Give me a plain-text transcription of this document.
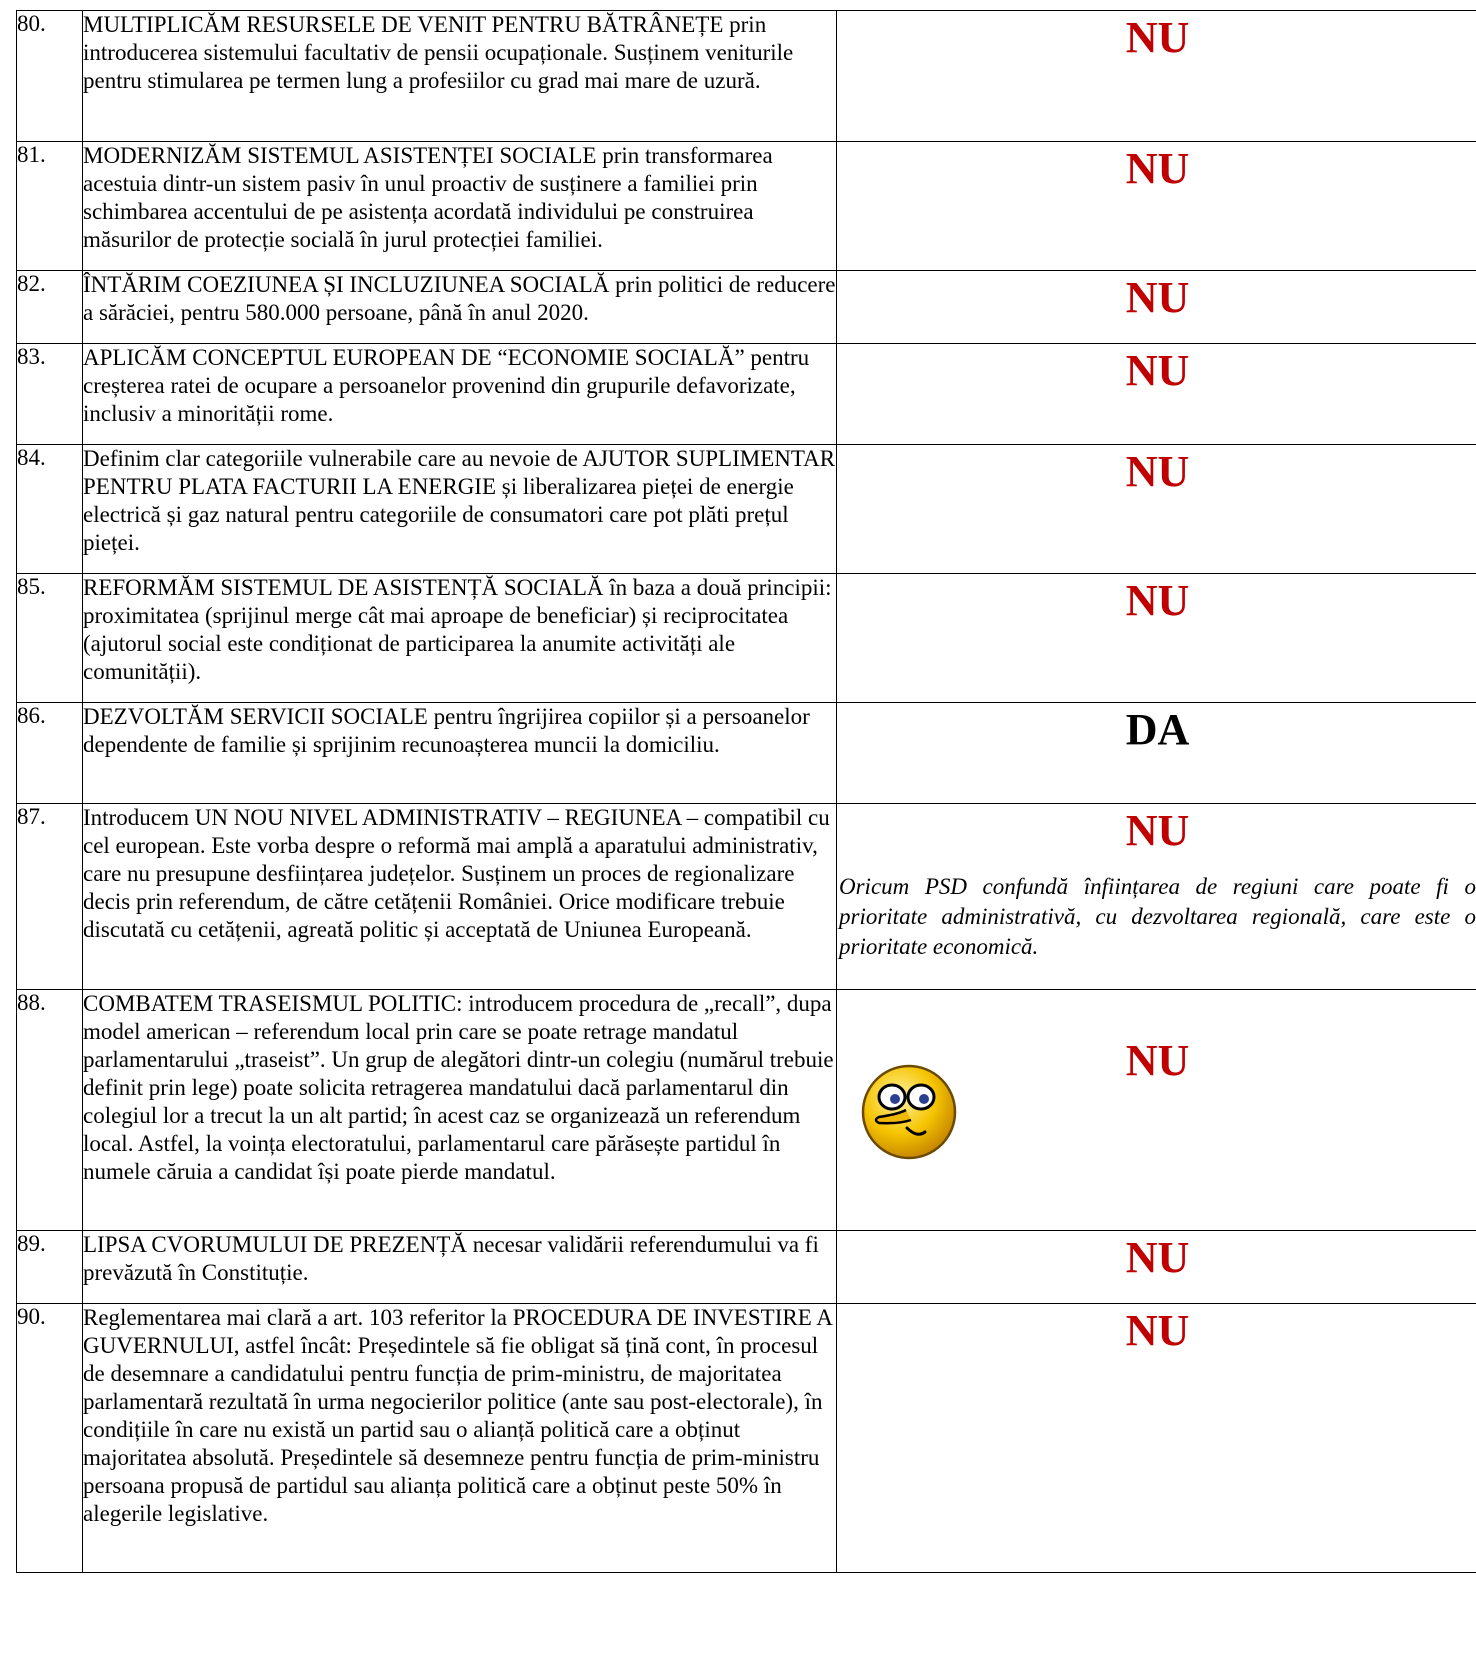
80.	MULTIPLICĂM RESURSELE DE VENIT PENTRU BĂTRÂNEȚE prin introducerea sistemului facultativ de pensii ocupaționale. Susținem veniturile pentru stimularea pe termen lung a profesiilor cu grad mai mare de uzură.	NU

81.	MODERNIZĂM SISTEMUL ASISTENȚEI SOCIALE prin transformarea acestuia dintr-un sistem pasiv în unul proactiv de susținere a familiei prin schimbarea accentului de pe asistența acordată individului pe construirea măsurilor de protecție socială în jurul protecției familiei.	NU

82.	ÎNTĂRIM COEZIUNEA ȘI INCLUZIUNEA SOCIALĂ prin politici de reducere a sărăciei, pentru 580.000 persoane, până în anul 2020.	NU

83.	APLICĂM CONCEPTUL EUROPEAN DE “ECONOMIE SOCIALĂ” pentru creșterea ratei de ocupare a persoanelor provenind din grupurile defavorizate, inclusiv a minorității rome.	NU

84.	Definim clar categoriile vulnerabile care au nevoie de AJUTOR SUPLIMENTAR PENTRU PLATA FACTURII LA ENERGIE și liberalizarea pieței de energie electrică și gaz natural pentru categoriile de consumatori care pot plăti prețul pieței.	NU

85.	REFORMĂM SISTEMUL DE ASISTENȚĂ SOCIALĂ în baza a două principii: proximitatea (sprijinul merge cât mai aproape de beneficiar) și reciprocitatea (ajutorul social este condiționat de participarea la anumite activități ale comunității).	NU

86.	DEZVOLTĂM SERVICII SOCIALE pentru îngrijirea copiilor și a persoanelor dependente de familie și sprijinim recunoașterea muncii la domiciliu.	DA

87.	Introducem UN NOU NIVEL ADMINISTRATIV – REGIUNEA – compatibil cu cel european. Este vorba despre o reformă mai amplă a aparatului administrativ, care nu presupune desființarea județelor. Susținem un proces de regionalizare decis prin referendum, de către cetățenii României. Orice modificare trebuie discutată cu cetățenii, agreată politic și acceptată de Uniunea Europeană.	NU
Oricum PSD confundă înființarea de regiuni care poate fi o prioritate administrativă, cu dezvoltarea regională, care este o prioritate economică.

88.	COMBATEM TRASEISMUL POLITIC: introducem procedura de „recall”, dupa model american – referendum local prin care se poate retrage mandatul parlamentarului „traseist”. Un grup de alegători dintr-un colegiu (numărul trebuie definit prin lege) poate solicita retragerea mandatului dacă parlamentarul din colegiul lor a trecut la un alt partid; în acest caz se organizează un referendum local. Astfel, la voința electoratului, parlamentarul care părăsește partidul în numele căruia a candidat își poate pierde mandatul.	NU

89.	LIPSA CVORUMULUI DE PREZENȚĂ necesar validării referendumului va fi prevăzută în Constituție.	NU

90.	Reglementarea mai clară a art. 103 referitor la PROCEDURA DE INVESTIRE A GUVERNULUI, astfel încât: Președintele să fie obligat să țină cont, în procesul de desemnare a candidatului pentru funcția de prim-ministru, de majoritatea parlamentară rezultată în urma negocierilor politice (ante sau post-electorale), în condițiile în care nu există un partid sau o alianță politică care a obținut majoritatea absolută. Președintele să desemneze pentru funcția de prim-ministru persoana propusă de partidul sau alianța politică care a obținut peste 50% în alegerile legislative.	NU
